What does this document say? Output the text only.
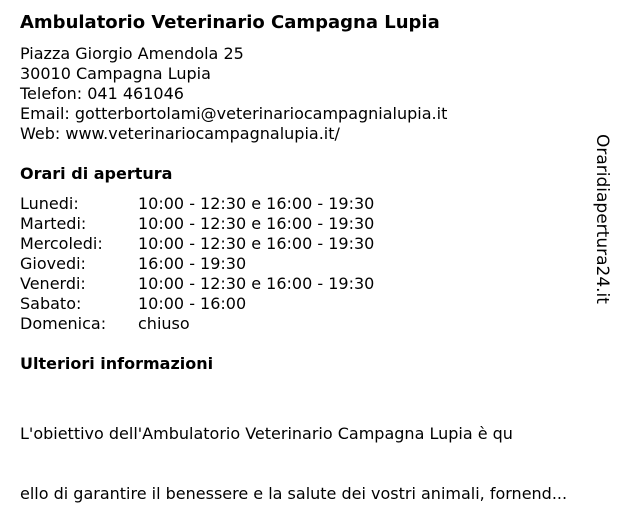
Ambulatorio Veterinario Campagna Lupia
Piazza Giorgio Amendola 25
30010 Campagna Lupia
Telefon: 041 461046
Email: gotterbortolami@veterinariocampagnialupia.it
Web: www.veterinariocampagnalupia.it/
Orari di apertura
Lunedi:	10:00 - 12:30 e 16:00 - 19:30
Martedi:	10:00 - 12:30 e 16:00 - 19:30
Mercoledi:	10:00 - 12:30 e 16:00 - 19:30
Giovedi:	16:00 - 19:30
Venerdi:	10:00 - 12:30 e 16:00 - 19:30
Sabato:	10:00 - 16:00
Domenica:	chiuso
Ulteriori informazioni

L'obiettivo dell'Ambulatorio Veterinario Campagna Lupia è qu

ello di garantire il benessere e la salute dei vostri animali, fornend...

Oraridiapertura24.it
